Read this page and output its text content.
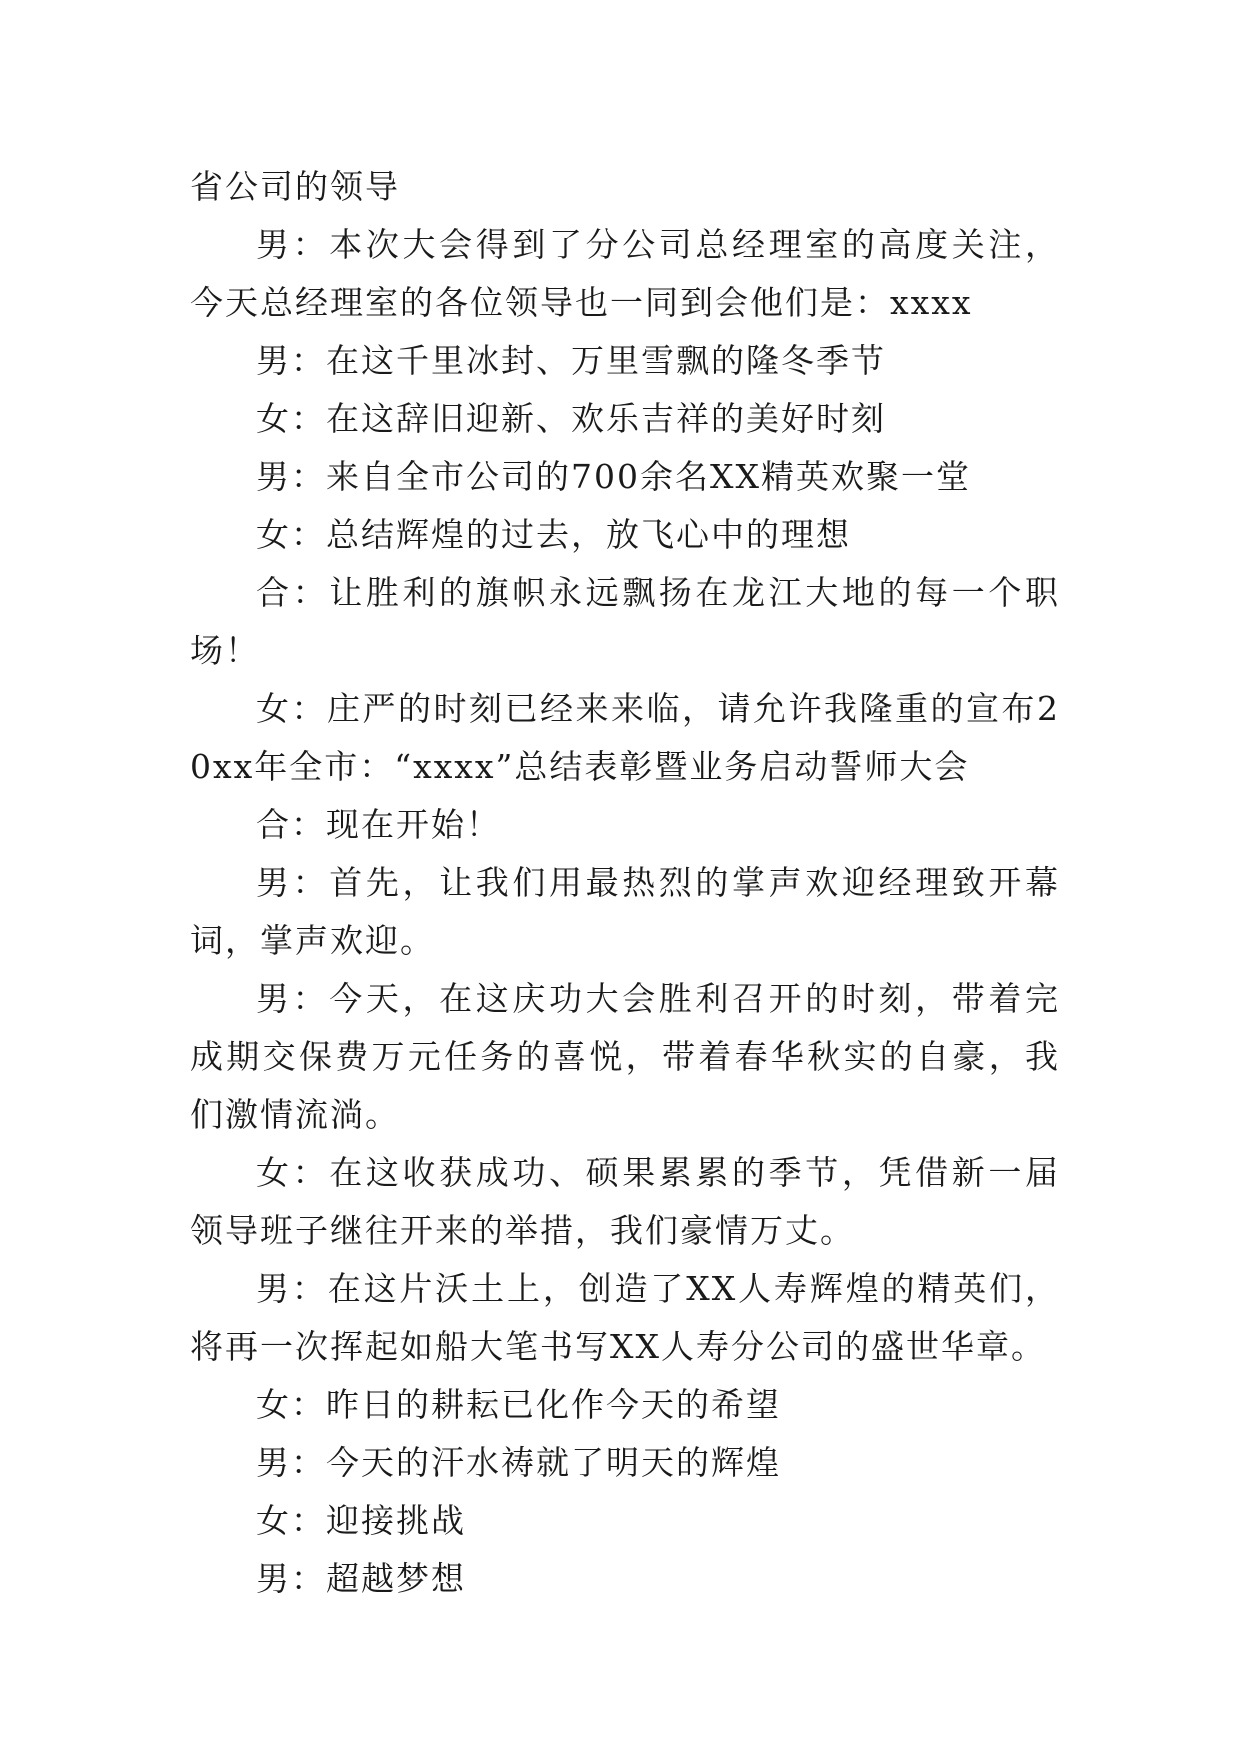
省公司的领导

男：本次大会得到了分公司总经理室的高度关注，今天总经理室的各位领导也一同到会他们是：xxxx

男：在这千里冰封、万里雪飘的隆冬季节

女：在这辞旧迎新、欢乐吉祥的美好时刻

男：来自全市公司的700余名XX精英欢聚一堂

女：总结辉煌的过去，放飞心中的理想

合：让胜利的旗帜永远飘扬在龙江大地的每一个职场！

女：庄严的时刻已经来来临，请允许我隆重的宣布20xx年全市：“xxxx”总结表彰暨业务启动誓师大会

合：现在开始！

男：首先，让我们用最热烈的掌声欢迎经理致开幕词，掌声欢迎。

男：今天，在这庆功大会胜利召开的时刻，带着完成期交保费万元任务的喜悦，带着春华秋实的自豪，我们激情流淌。

女：在这收获成功、硕果累累的季节，凭借新一届领导班子继往开来的举措，我们豪情万丈。

男：在这片沃土上，创造了XX人寿辉煌的精英们，将再一次挥起如船大笔书写XX人寿分公司的盛世华章。

女：昨日的耕耘已化作今天的希望

男：今天的汗水祷就了明天的辉煌

女：迎接挑战

男：超越梦想
